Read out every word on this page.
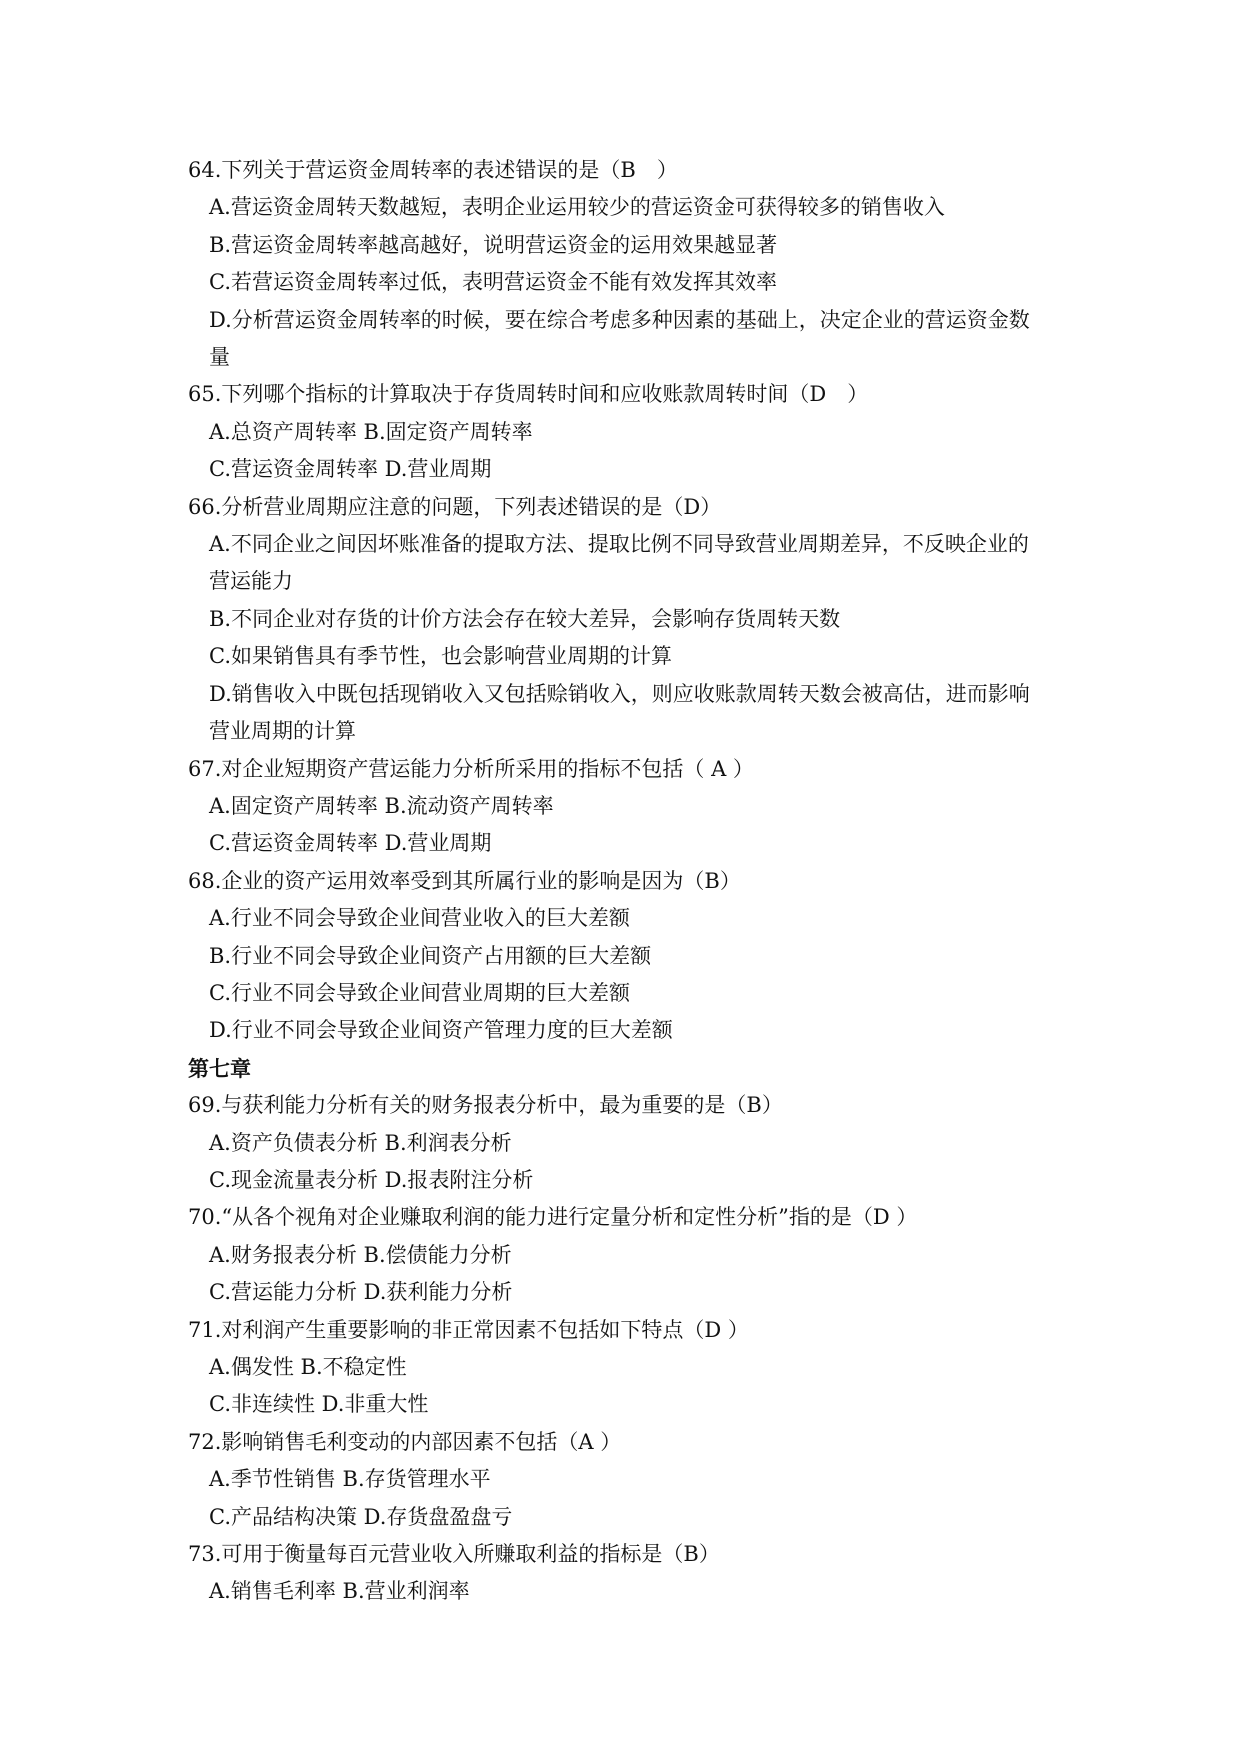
64.下列关于营运资金周转率的表述错误的是（B　）

A.营运资金周转天数越短，表明企业运用较少的营运资金可获得较多的销售收入

B.营运资金周转率越高越好，说明营运资金的运用效果越显著

C.若营运资金周转率过低，表明营运资金不能有效发挥其效率

D.分析营运资金周转率的时候，要在综合考虑多种因素的基础上，决定企业的营运资金数

量

65.下列哪个指标的计算取决于存货周转时间和应收账款周转时间（D　）

A.总资产周转率 B.固定资产周转率

C.营运资金周转率 D.营业周期

66.分析营业周期应注意的问题，下列表述错误的是（D）

A.不同企业之间因坏账准备的提取方法、提取比例不同导致营业周期差异，不反映企业的

营运能力

B.不同企业对存货的计价方法会存在较大差异，会影响存货周转天数

C.如果销售具有季节性，也会影响营业周期的计算

D.销售收入中既包括现销收入又包括赊销收入，则应收账款周转天数会被高估，进而影响

营业周期的计算

67.对企业短期资产营运能力分析所采用的指标不包括（ A ）

A.固定资产周转率 B.流动资产周转率

C.营运资金周转率 D.营业周期

68.企业的资产运用效率受到其所属行业的影响是因为（B）

A.行业不同会导致企业间营业收入的巨大差额

B.行业不同会导致企业间资产占用额的巨大差额

C.行业不同会导致企业间营业周期的巨大差额

D.行业不同会导致企业间资产管理力度的巨大差额

第七章

69.与获利能力分析有关的财务报表分析中，最为重要的是（B）

A.资产负债表分析 B.利润表分析

C.现金流量表分析 D.报表附注分析

70.“从各个视角对企业赚取利润的能力进行定量分析和定性分析”指的是（D ）

A.财务报表分析 B.偿债能力分析

C.营运能力分析 D.获利能力分析

71.对利润产生重要影响的非正常因素不包括如下特点（D ）

A.偶发性 B.不稳定性

C.非连续性 D.非重大性

72.影响销售毛利变动的内部因素不包括（A ）

A.季节性销售 B.存货管理水平

C.产品结构决策 D.存货盘盈盘亏

73.可用于衡量每百元营业收入所赚取利益的指标是（B）

A.销售毛利率 B.营业利润率
